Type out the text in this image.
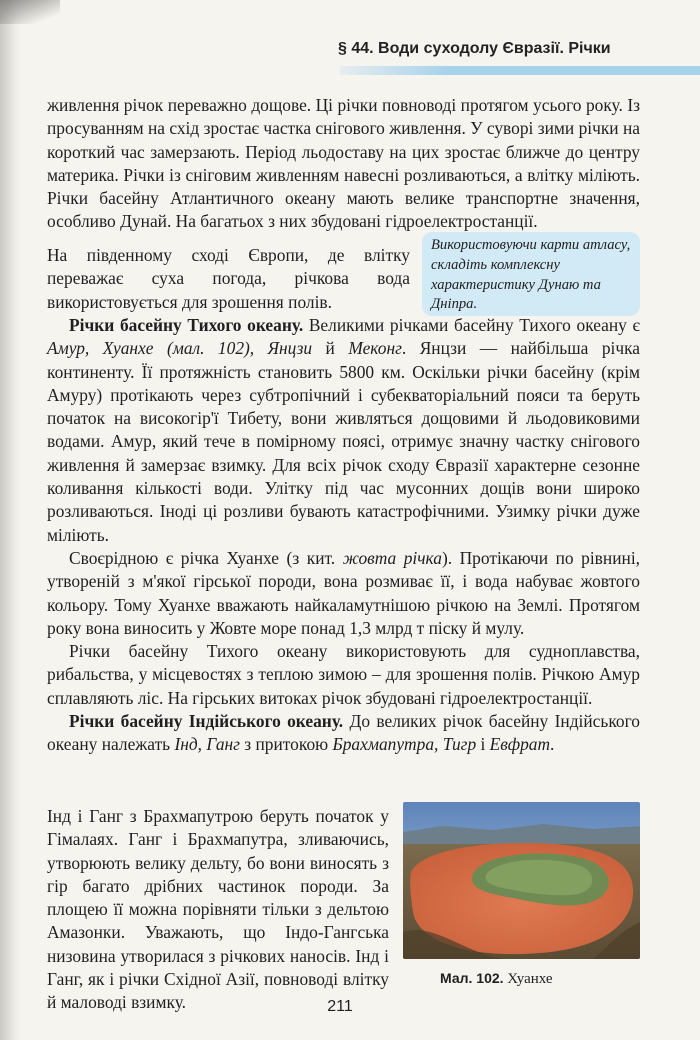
§ 44. Води суходолу Євразії. Річки

живлення річок переважно дощове. Ці річки повноводі протягом усього року. Із просуванням на схід зростає частка снігового живлення. У суворі зими річки на короткий час замерзають. Період льодоставу на цих зростає ближче до центру материка. Річки із сніговим живленням навесні розливаються, а влітку міліють. Річки басейну Атлантичного океану мають велике транспортне значення, особливо Дунай. На багатьох з них збудовані гідроелектростанції.

На південному сході Європи, де влітку переважає суха погода, річкова вода використовується для зрошення полів.

Використовуючи карти атласу, складіть комплексну характеристику Дунаю та Дніпра.

Річки басейну Тихого океану. Великими річками басейну Тихого океану є Амур, Хуанхе (мал. 102), Янцзи й Меконг. Янцзи — найбільша річка континенту. Її протяжність становить 5800 км. Оскільки річки басейну (крім Амуру) протікають через субтропічний і субекваторіальний пояси та беруть початок на високогір'ї Тибету, вони живляться дощовими й льодовиковими водами. Амур, який тече в помірному поясі, отримує значну частку снігового живлення й замерзає взимку. Для всіх річок сходу Євразії характерне сезонне коливання кількості води. Улітку під час мусонних дощів вони широко розливаються. Іноді ці розливи бувають катастрофічними. Узимку річки дуже міліють.

Своєрідною є річка Хуанхе (з кит. жовта річка). Протікаючи по рівнині, утвореній з м'якої гірської породи, вона розмиває її, і вода набуває жовтого кольору. Тому Хуанхе вважають найкаламутнішою річкою на Землі. Протягом року вона виносить у Жовте море понад 1,3 млрд т піску й мулу.

Річки басейну Тихого океану використовують для судноплавства, рибальства, у місцевостях з теплою зимою – для зрошення полів. Річкою Амур сплавляють ліс. На гірських витоках річок збудовані гідроелектростанції.

Річки басейну Індійського океану. До великих річок басейну Індійського океану належать Інд, Ганг з притокою Брахмапутра, Тигр і Евфрат.

Інд і Ганг з Брахмапутрою беруть початок у Гімалаях. Ганг і Брахмапутра, зливаючись, утворюють велику дельту, бо вони виносять з гір багато дрібних частинок породи. За площею її можна порівняти тільки з дельтою Амазонки. Уважають, що Індо-Гангська низовина утворилася з річкових наносів. Інд і Ганг, як і річки Східної Азії, повноводі влітку й маловоді взимку.

Мал. 102. Хуанхе
211
